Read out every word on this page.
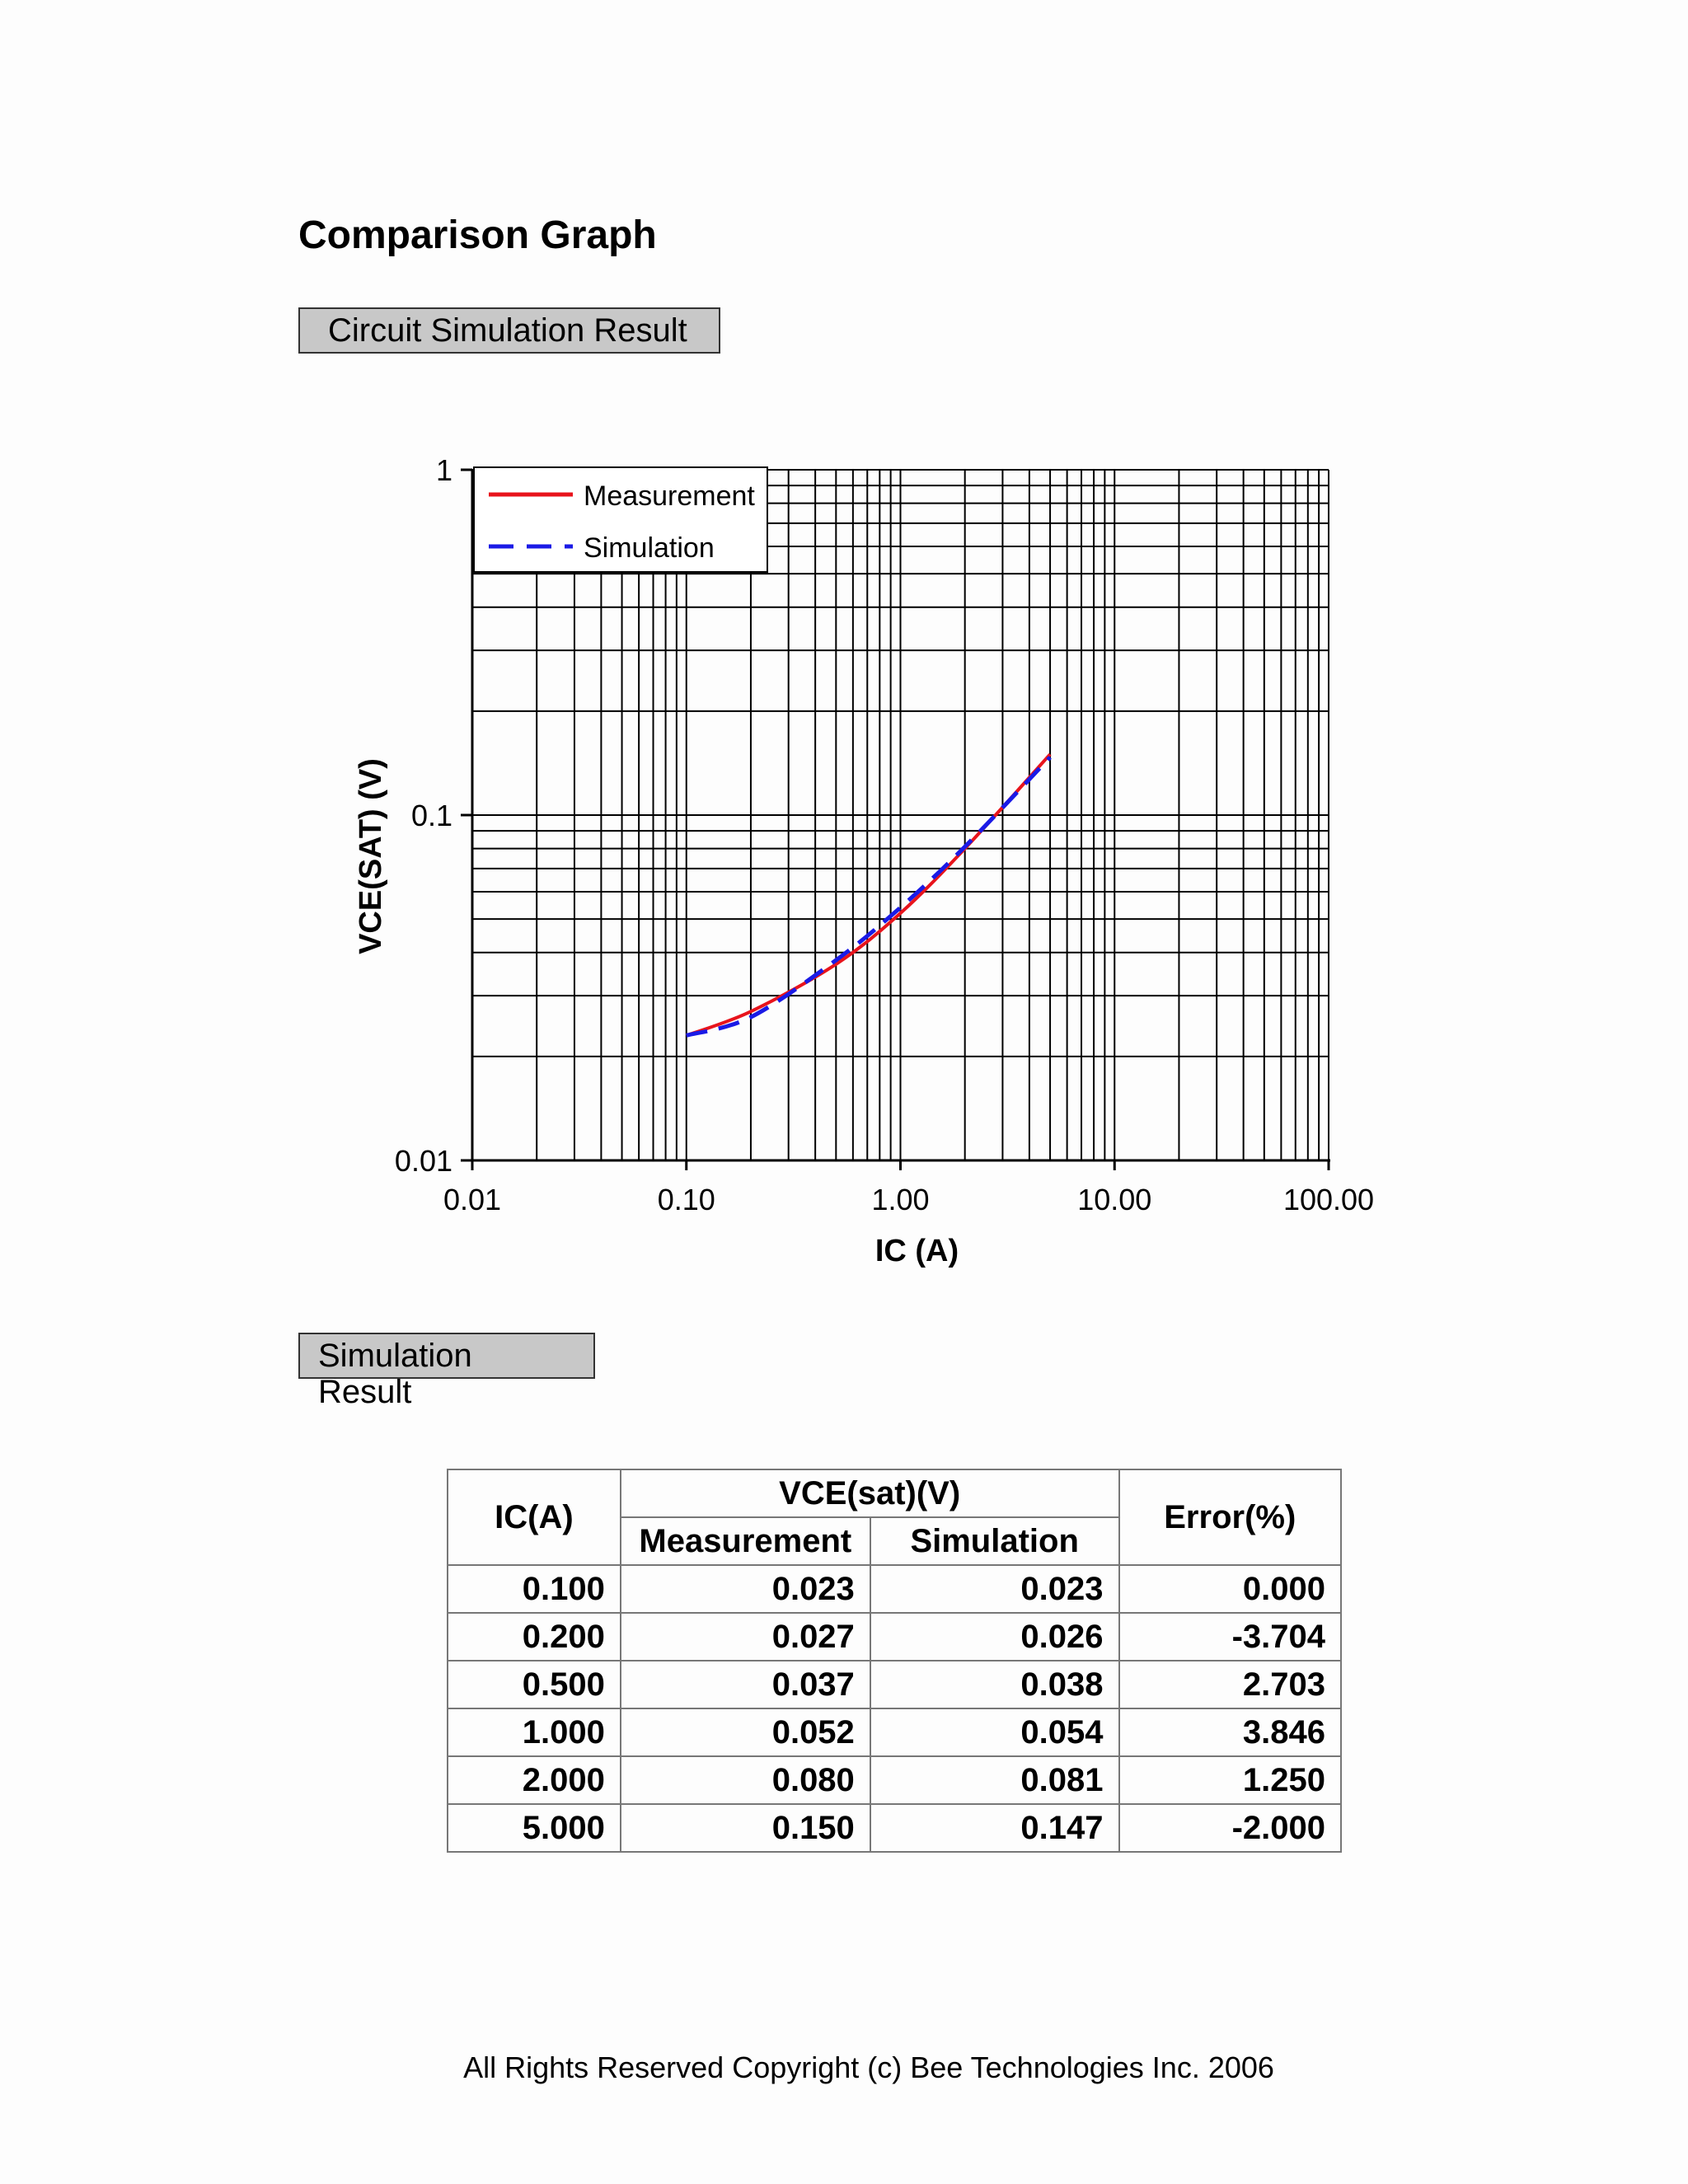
Comparison Graph
Circuit Simulation Result
0.01	0.10	1.00	10.00	100.00
0.01
0.1
1
IC (A)
VCE(SAT) (V)
Measurement
Simulation
Simulation Result
IC(A)	VCE(sat)(V)		Error(%)
	Measurement	Simulation	
0.100	0.023	0.023	0.000
0.200	0.027	0.026	-3.704
0.500	0.037	0.038	2.703
1.000	0.052	0.054	3.846
2.000	0.080	0.081	1.250
5.000	0.150	0.147	-2.000
All Rights Reserved Copyright (c) Bee Technologies Inc. 2006
